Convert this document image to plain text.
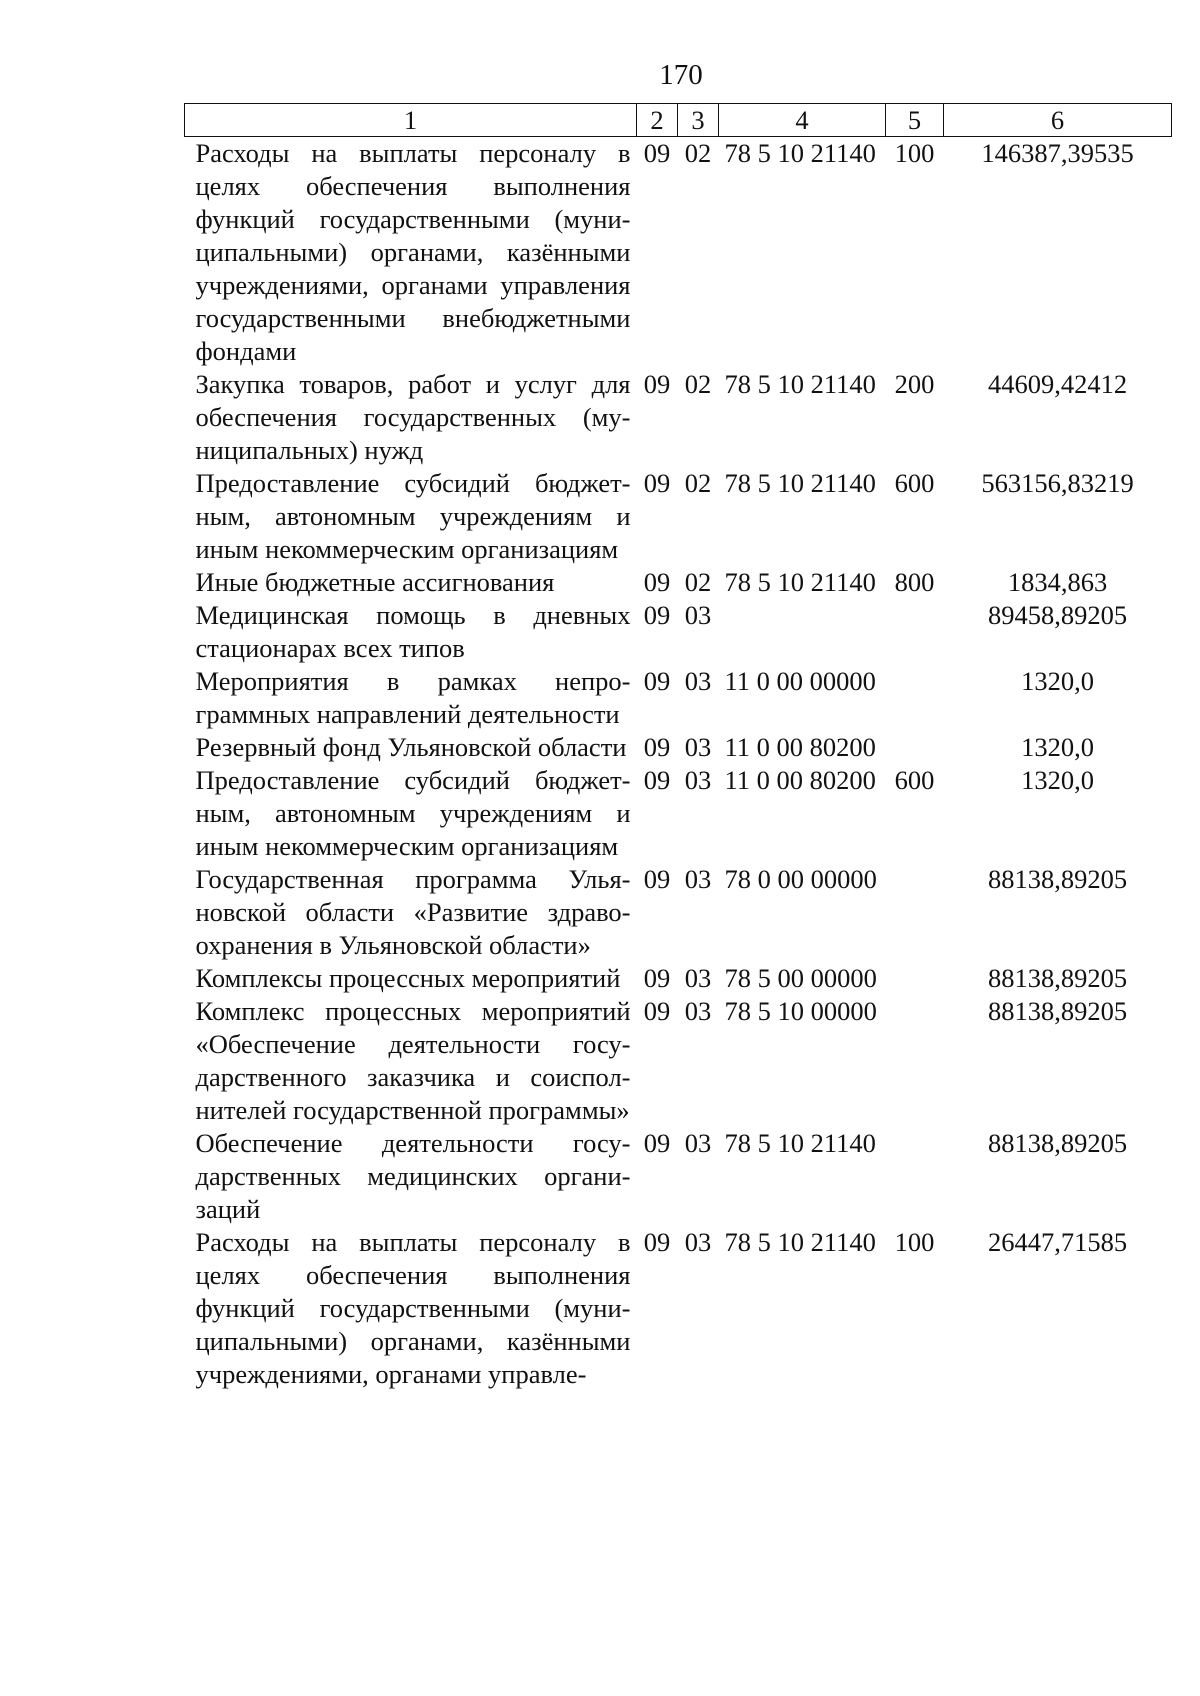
170
1	2	3	4	5	6
Расходы на выплаты персоналу в целях обеспечения выполнения функций государственными (муниципальными) органами, казёнными учреждениями, органами управления государственными внебюджетными фондами	09	02	78 5 10 21140	100	146387,39535
Закупка товаров, работ и услуг для обеспечения государственных (муниципальных) нужд	09	02	78 5 10 21140	200	44609,42412
Предоставление субсидий бюджетным, автономным учреждениям и иным некоммерческим организациям	09	02	78 5 10 21140	600	563156,83219
Иные бюджетные ассигнования	09	02	78 5 10 21140	800	1834,863
Медицинская помощь в дневных стационарах всех типов	09	03			89458,89205
Мероприятия в рамках непрограммных направлений деятельности	09	03	11 0 00 00000		1320,0
Резервный фонд Ульяновской области	09	03	11 0 00 80200		1320,0
Предоставление субсидий бюджетным, автономным учреждениям и иным некоммерческим организациям	09	03	11 0 00 80200	600	1320,0
Государственная программа Ульяновской области «Развитие здравоохранения в Ульяновской области»	09	03	78 0 00 00000		88138,89205
Комплексы процессных мероприятий	09	03	78 5 00 00000		88138,89205
Комплекс процессных мероприятий «Обеспечение деятельности государственного заказчика и соисполнителей государственной программы»	09	03	78 5 10 00000		88138,89205
Обеспечение деятельности государственных медицинских организаций	09	03	78 5 10 21140		88138,89205
Расходы на выплаты персоналу в целях обеспечения выполнения функций государственными (муниципальными) органами, казёнными учреждениями, органами управле-	09	03	78 5 10 21140	100	26447,71585
